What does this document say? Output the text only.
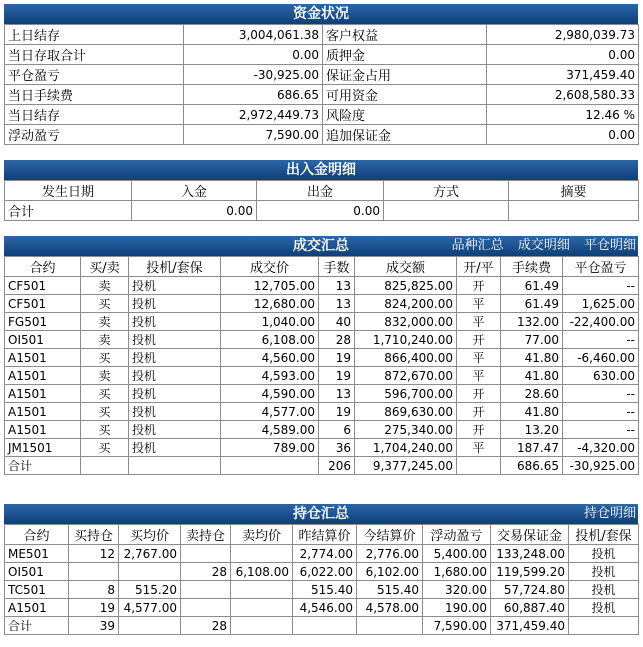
资金状况
上日结存	3,004,061.38	客户权益	2,980,039.73
当日存取合计	0.00	质押金	0.00
平仓盈亏	-30,925.00	保证金占用	371,459.40
当日手续费	686.65	可用资金	2,608,580.33
当日结存	2,972,449.73	风险度	12.46 %
浮动盈亏	7,590.00	追加保证金	0.00
出入金明细
发生日期	入金	出金	方式	摘要
合计	0.00	0.00		
成交汇总	品种汇总 成交明细 平仓明细
合约	买/卖	投机/套保	成交价	手数	成交额	开/平	手续费	平仓盈亏
CF501	卖	投机	12,705.00	13	825,825.00	开	61.49	--
CF501	买	投机	12,680.00	13	824,200.00	平	61.49	1,625.00
FG501	卖	投机	1,040.00	40	832,000.00	平	132.00	-22,400.00
OI501	卖	投机	6,108.00	28	1,710,240.00	开	77.00	--
A1501	买	投机	4,560.00	19	866,400.00	平	41.80	-6,460.00
A1501	卖	投机	4,593.00	19	872,670.00	平	41.80	630.00
A1501	买	投机	4,590.00	13	596,700.00	开	28.60	--
A1501	买	投机	4,577.00	19	869,630.00	开	41.80	--
A1501	买	投机	4,589.00	6	275,340.00	开	13.20	--
JM1501	买	投机	789.00	36	1,704,240.00	平	187.47	-4,320.00
合计				206	9,377,245.00		686.65	-30,925.00
持仓汇总	持仓明细
合约	买持仓	买均价	卖持仓	卖均价	昨结算价	今结算价	浮动盈亏	交易保证金	投机/套保
ME501	12	2,767.00			2,774.00	2,776.00	5,400.00	133,248.00	投机
OI501			28	6,108.00	6,022.00	6,102.00	1,680.00	119,599.20	投机
TC501	8	515.20			515.40	515.40	320.00	57,724.80	投机
A1501	19	4,577.00			4,546.00	4,578.00	190.00	60,887.40	投机
合计	39		28				7,590.00	371,459.40	
